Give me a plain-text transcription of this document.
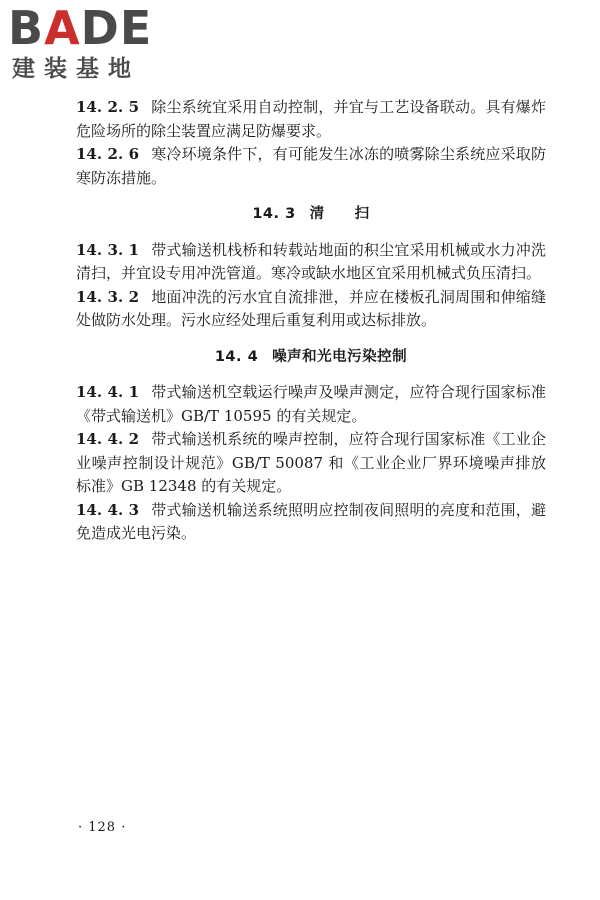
BADE
建装基地

14. 2. 5 除尘系统宜采用自动控制，并宜与工艺设备联动。具有爆炸危险场所的除尘装置应满足防爆要求。

14. 2. 6 寒冷环境条件下，有可能发生冰冻的喷雾除尘系统应采取防寒防冻措施。

14. 3 清　　扫

14. 3. 1 带式输送机栈桥和转载站地面的积尘宜采用机械或水力冲洗清扫，并宜设专用冲洗管道。寒冷或缺水地区宜采用机械式负压清扫。

14. 3. 2 地面冲洗的污水宜自流排泄，并应在楼板孔洞周围和伸缩缝处做防水处理。污水应经处理后重复利用或达标排放。

14. 4 噪声和光电污染控制

14. 4. 1 带式输送机空载运行噪声及噪声测定，应符合现行国家标准《带式输送机》GB/T 10595 的有关规定。

14. 4. 2 带式输送机系统的噪声控制，应符合现行国家标准《工业企业噪声控制设计规范》GB/T 50087 和《工业企业厂界环境噪声排放标准》GB 12348 的有关规定。

14. 4. 3 带式输送机输送系统照明应控制夜间照明的亮度和范围，避免造成光电污染。

· 128 ·
